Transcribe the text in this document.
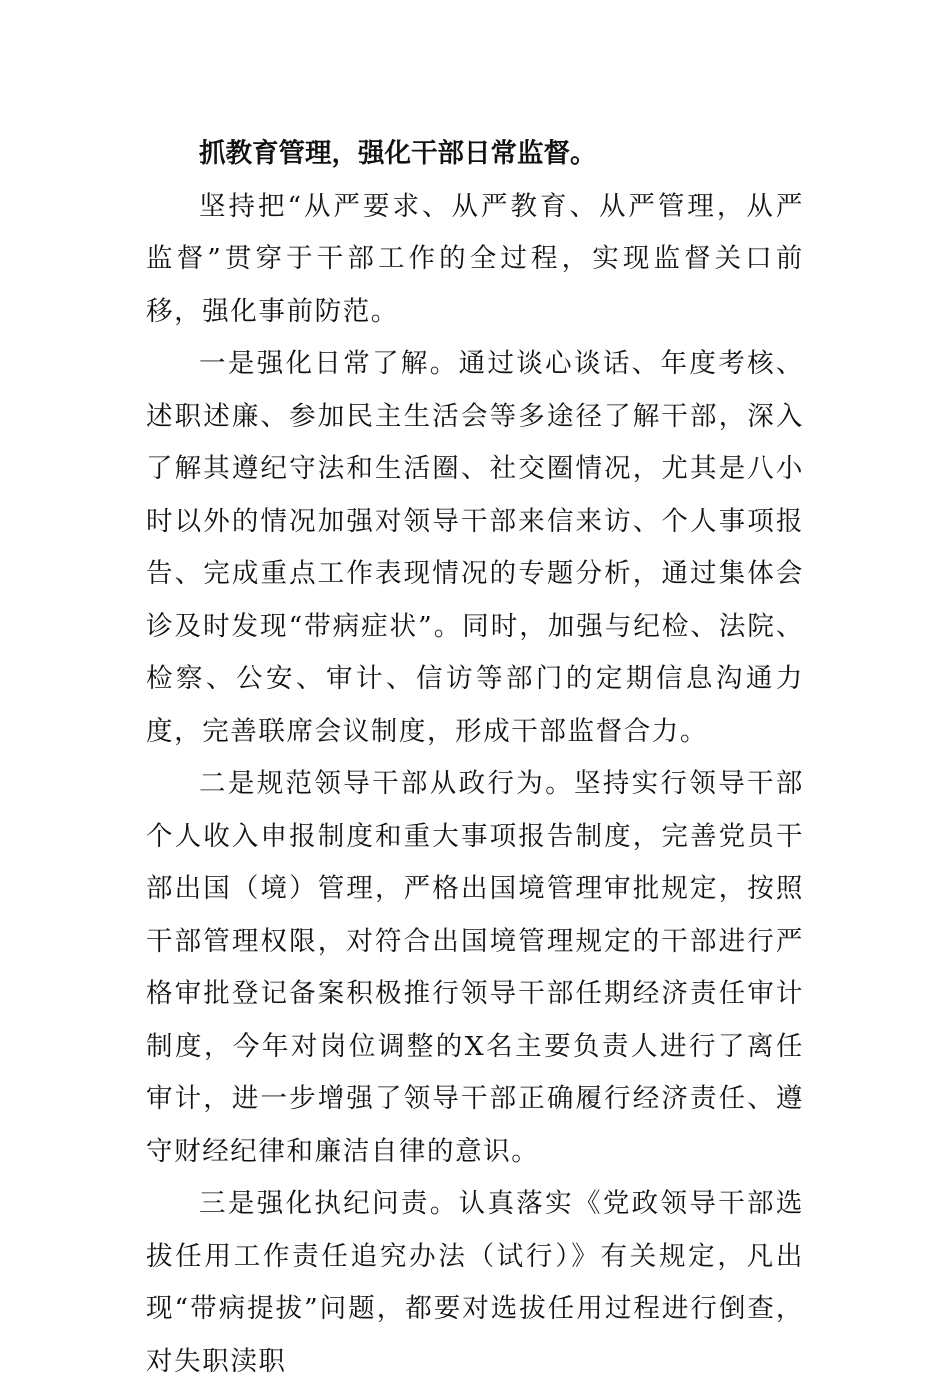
抓教育管理，强化干部日常监督。

坚持把“从严要求、从严教育、从严管理，从严监督”贯穿于干部工作的全过程，实现监督关口前移，强化事前防范。

一是强化日常了解。通过谈心谈话、年度考核、述职述廉、参加民主生活会等多途径了解干部，深入了解其遵纪守法和生活圈、社交圈情况，尤其是八小时以外的情况加强对领导干部来信来访、个人事项报告、完成重点工作表现情况的专题分析，通过集体会诊及时发现“带病症状”。同时，加强与纪检、法院、检察、公安、审计、信访等部门的定期信息沟通力度，完善联席会议制度，形成干部监督合力。

二是规范领导干部从政行为。坚持实行领导干部个人收入申报制度和重大事项报告制度，完善党员干部出国（境）管理，严格出国境管理审批规定，按照干部管理权限，对符合出国境管理规定的干部进行严格审批登记备案积极推行领导干部任期经济责任审计制度，今年对岗位调整的X名主要负责人进行了离任审计，进一步增强了领导干部正确履行经济责任、遵守财经纪律和廉洁自律的意识。

三是强化执纪问责。认真落实《党政领导干部选拔任用工作责任追究办法（试行）》有关规定，凡出现“带病提拔”问题，都要对选拔任用过程进行倒查，对失职渎职
